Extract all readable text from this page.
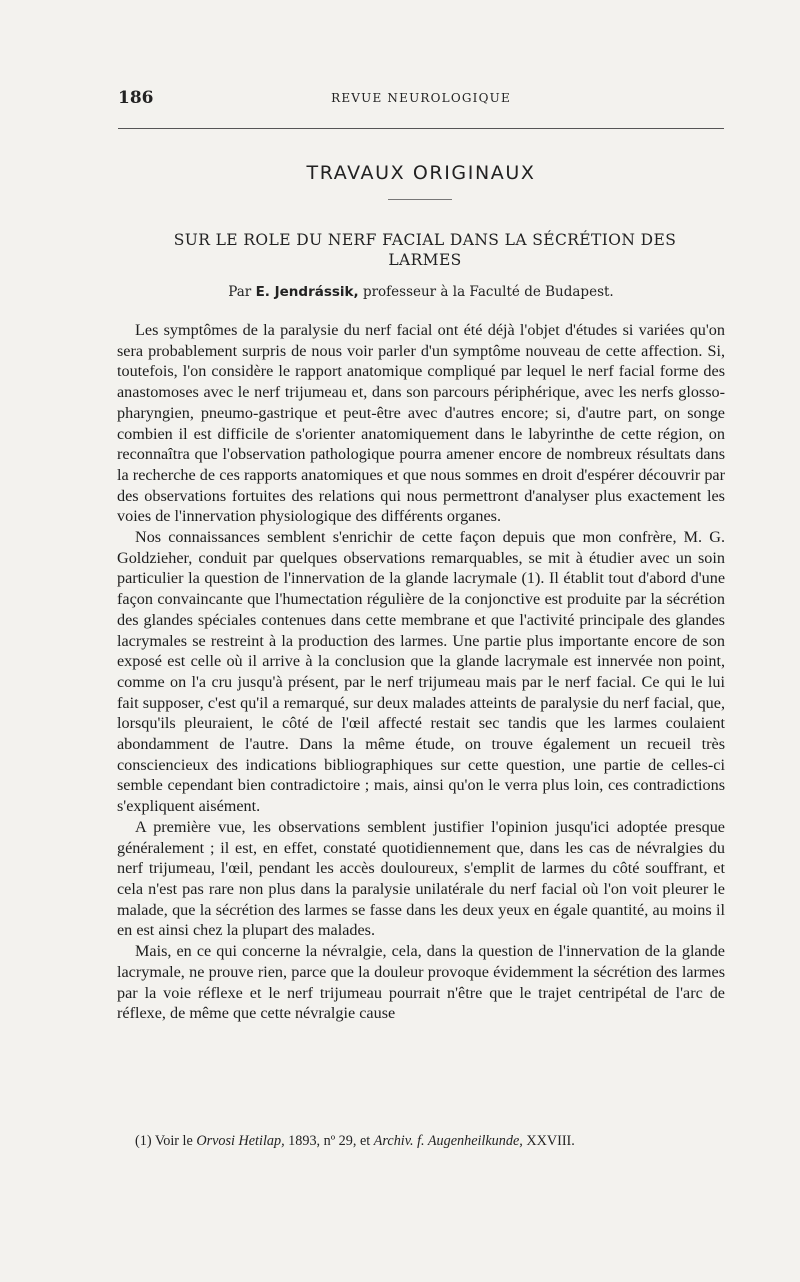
186	REVUE NEUROLOGIQUE
TRAVAUX ORIGINAUX
SUR LE ROLE DU NERF FACIAL DANS LA SÉCRÉTION DES LARMES
Par E. Jendrássik, professeur à la Faculté de Budapest.

Les symptômes de la paralysie du nerf facial ont été déjà l'objet d'études si variées qu'on sera probablement surpris de nous voir parler d'un symptôme nouveau de cette affection. Si, toutefois, l'on considère le rapport anatomique compliqué par lequel le nerf facial forme des anastomoses avec le nerf trijumeau et, dans son parcours périphérique, avec les nerfs glosso-pharyngien, pneumo-gastrique et peut-être avec d'autres encore; si, d'autre part, on songe combien il est difficile de s'orienter anatomiquement dans le labyrinthe de cette région, on reconnaîtra que l'observation pathologique pourra amener encore de nombreux résultats dans la recherche de ces rapports anatomiques et que nous sommes en droit d'espérer découvrir par des observations fortuites des relations qui nous permettront d'analyser plus exactement les voies de l'innervation physiologique des différents organes.

Nos connaissances semblent s'enrichir de cette façon depuis que mon confrère, M. G. Goldzieher, conduit par quelques observations remarquables, se mit à étudier avec un soin particulier la question de l'innervation de la glande lacrymale (1). Il établit tout d'abord d'une façon convaincante que l'humectation régulière de la conjonctive est produite par la sécrétion des glandes spéciales contenues dans cette membrane et que l'activité principale des glandes lacrymales se restreint à la production des larmes. Une partie plus importante encore de son exposé est celle où il arrive à la conclusion que la glande lacrymale est innervée non point, comme on l'a cru jusqu'à présent, par le nerf trijumeau mais par le nerf facial. Ce qui le lui fait supposer, c'est qu'il a remarqué, sur deux malades atteints de paralysie du nerf facial, que, lorsqu'ils pleuraient, le côté de l'œil affecté restait sec tandis que les larmes coulaient abondamment de l'autre. Dans la même étude, on trouve également un recueil très consciencieux des indications bibliographiques sur cette question, une partie de celles-ci semble cependant bien contradictoire ; mais, ainsi qu'on le verra plus loin, ces contradictions s'expliquent aisément.

A première vue, les observations semblent justifier l'opinion jusqu'ici adoptée presque généralement ; il est, en effet, constaté quotidiennement que, dans les cas de névralgies du nerf trijumeau, l'œil, pendant les accès douloureux, s'emplit de larmes du côté souffrant, et cela n'est pas rare non plus dans la paralysie unilatérale du nerf facial où l'on voit pleurer le malade, que la sécrétion des larmes se fasse dans les deux yeux en égale quantité, au moins il en est ainsi chez la plupart des malades.

Mais, en ce qui concerne la névralgie, cela, dans la question de l'innervation de la glande lacrymale, ne prouve rien, parce que la douleur provoque évidemment la sécrétion des larmes par la voie réflexe et le nerf trijumeau pourrait n'être que le trajet centripétal de l'arc de réflexe, de même que cette névralgie cause

(1) Voir le Orvosi Hetilap, 1893, nº 29, et Archiv. f. Augenheilkunde, XXVIII.
